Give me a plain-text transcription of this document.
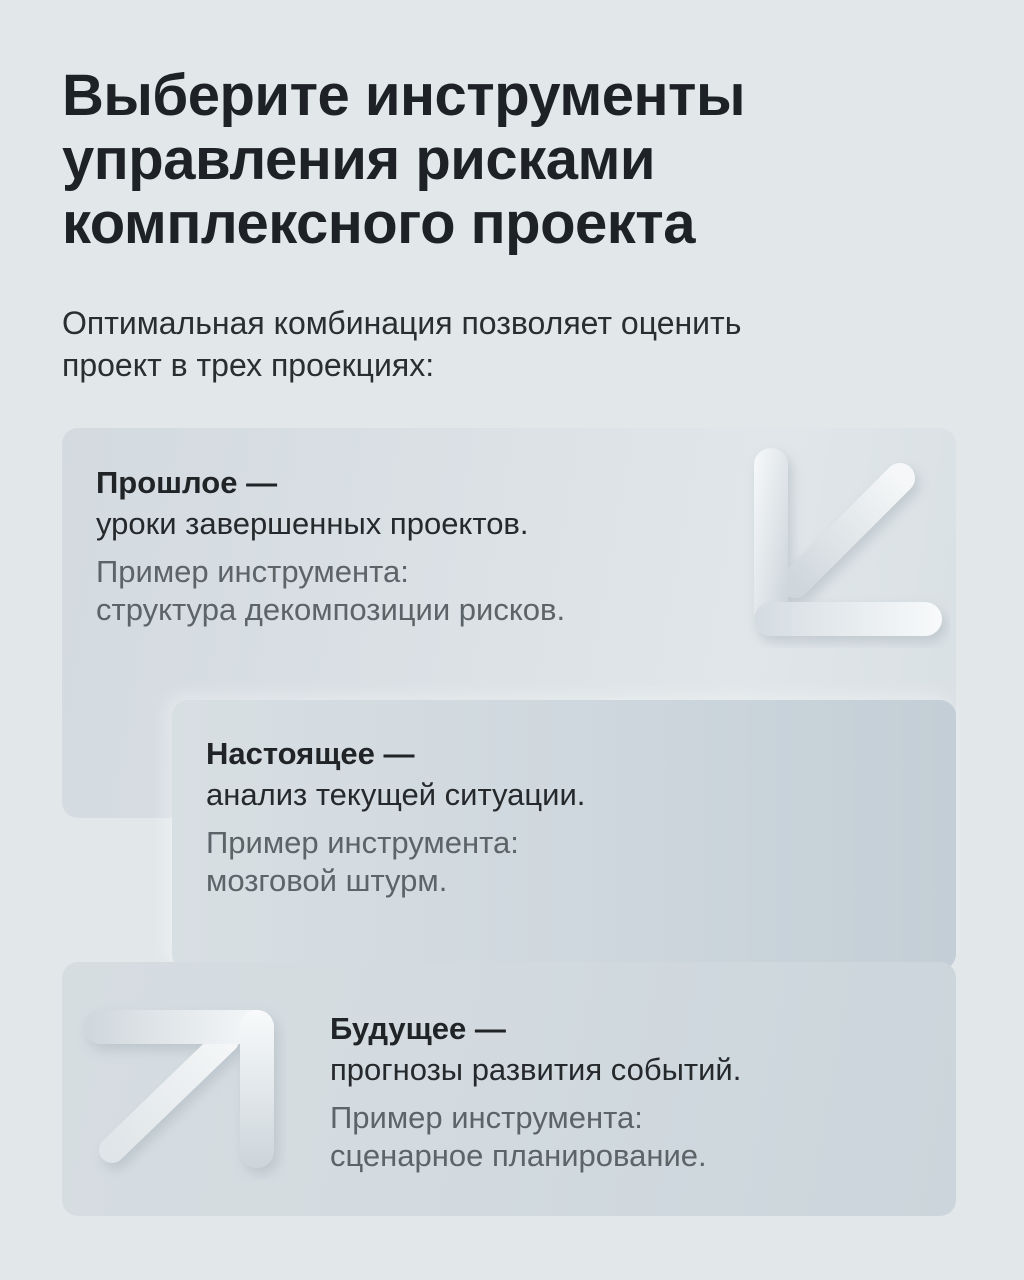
Выберите инструменты
управления рисками
комплексного проекта

Оптимальная комбинация позволяет оценить
проект в трех проекциях:

Прошлое —
уроки завершенных проектов.
Пример инструмента:
структура декомпозиции рисков.
Настоящее —
анализ текущей ситуации.
Пример инструмента:
мозговой штурм.
Будущее —
прогнозы развития событий.
Пример инструмента:
сценарное планирование.
